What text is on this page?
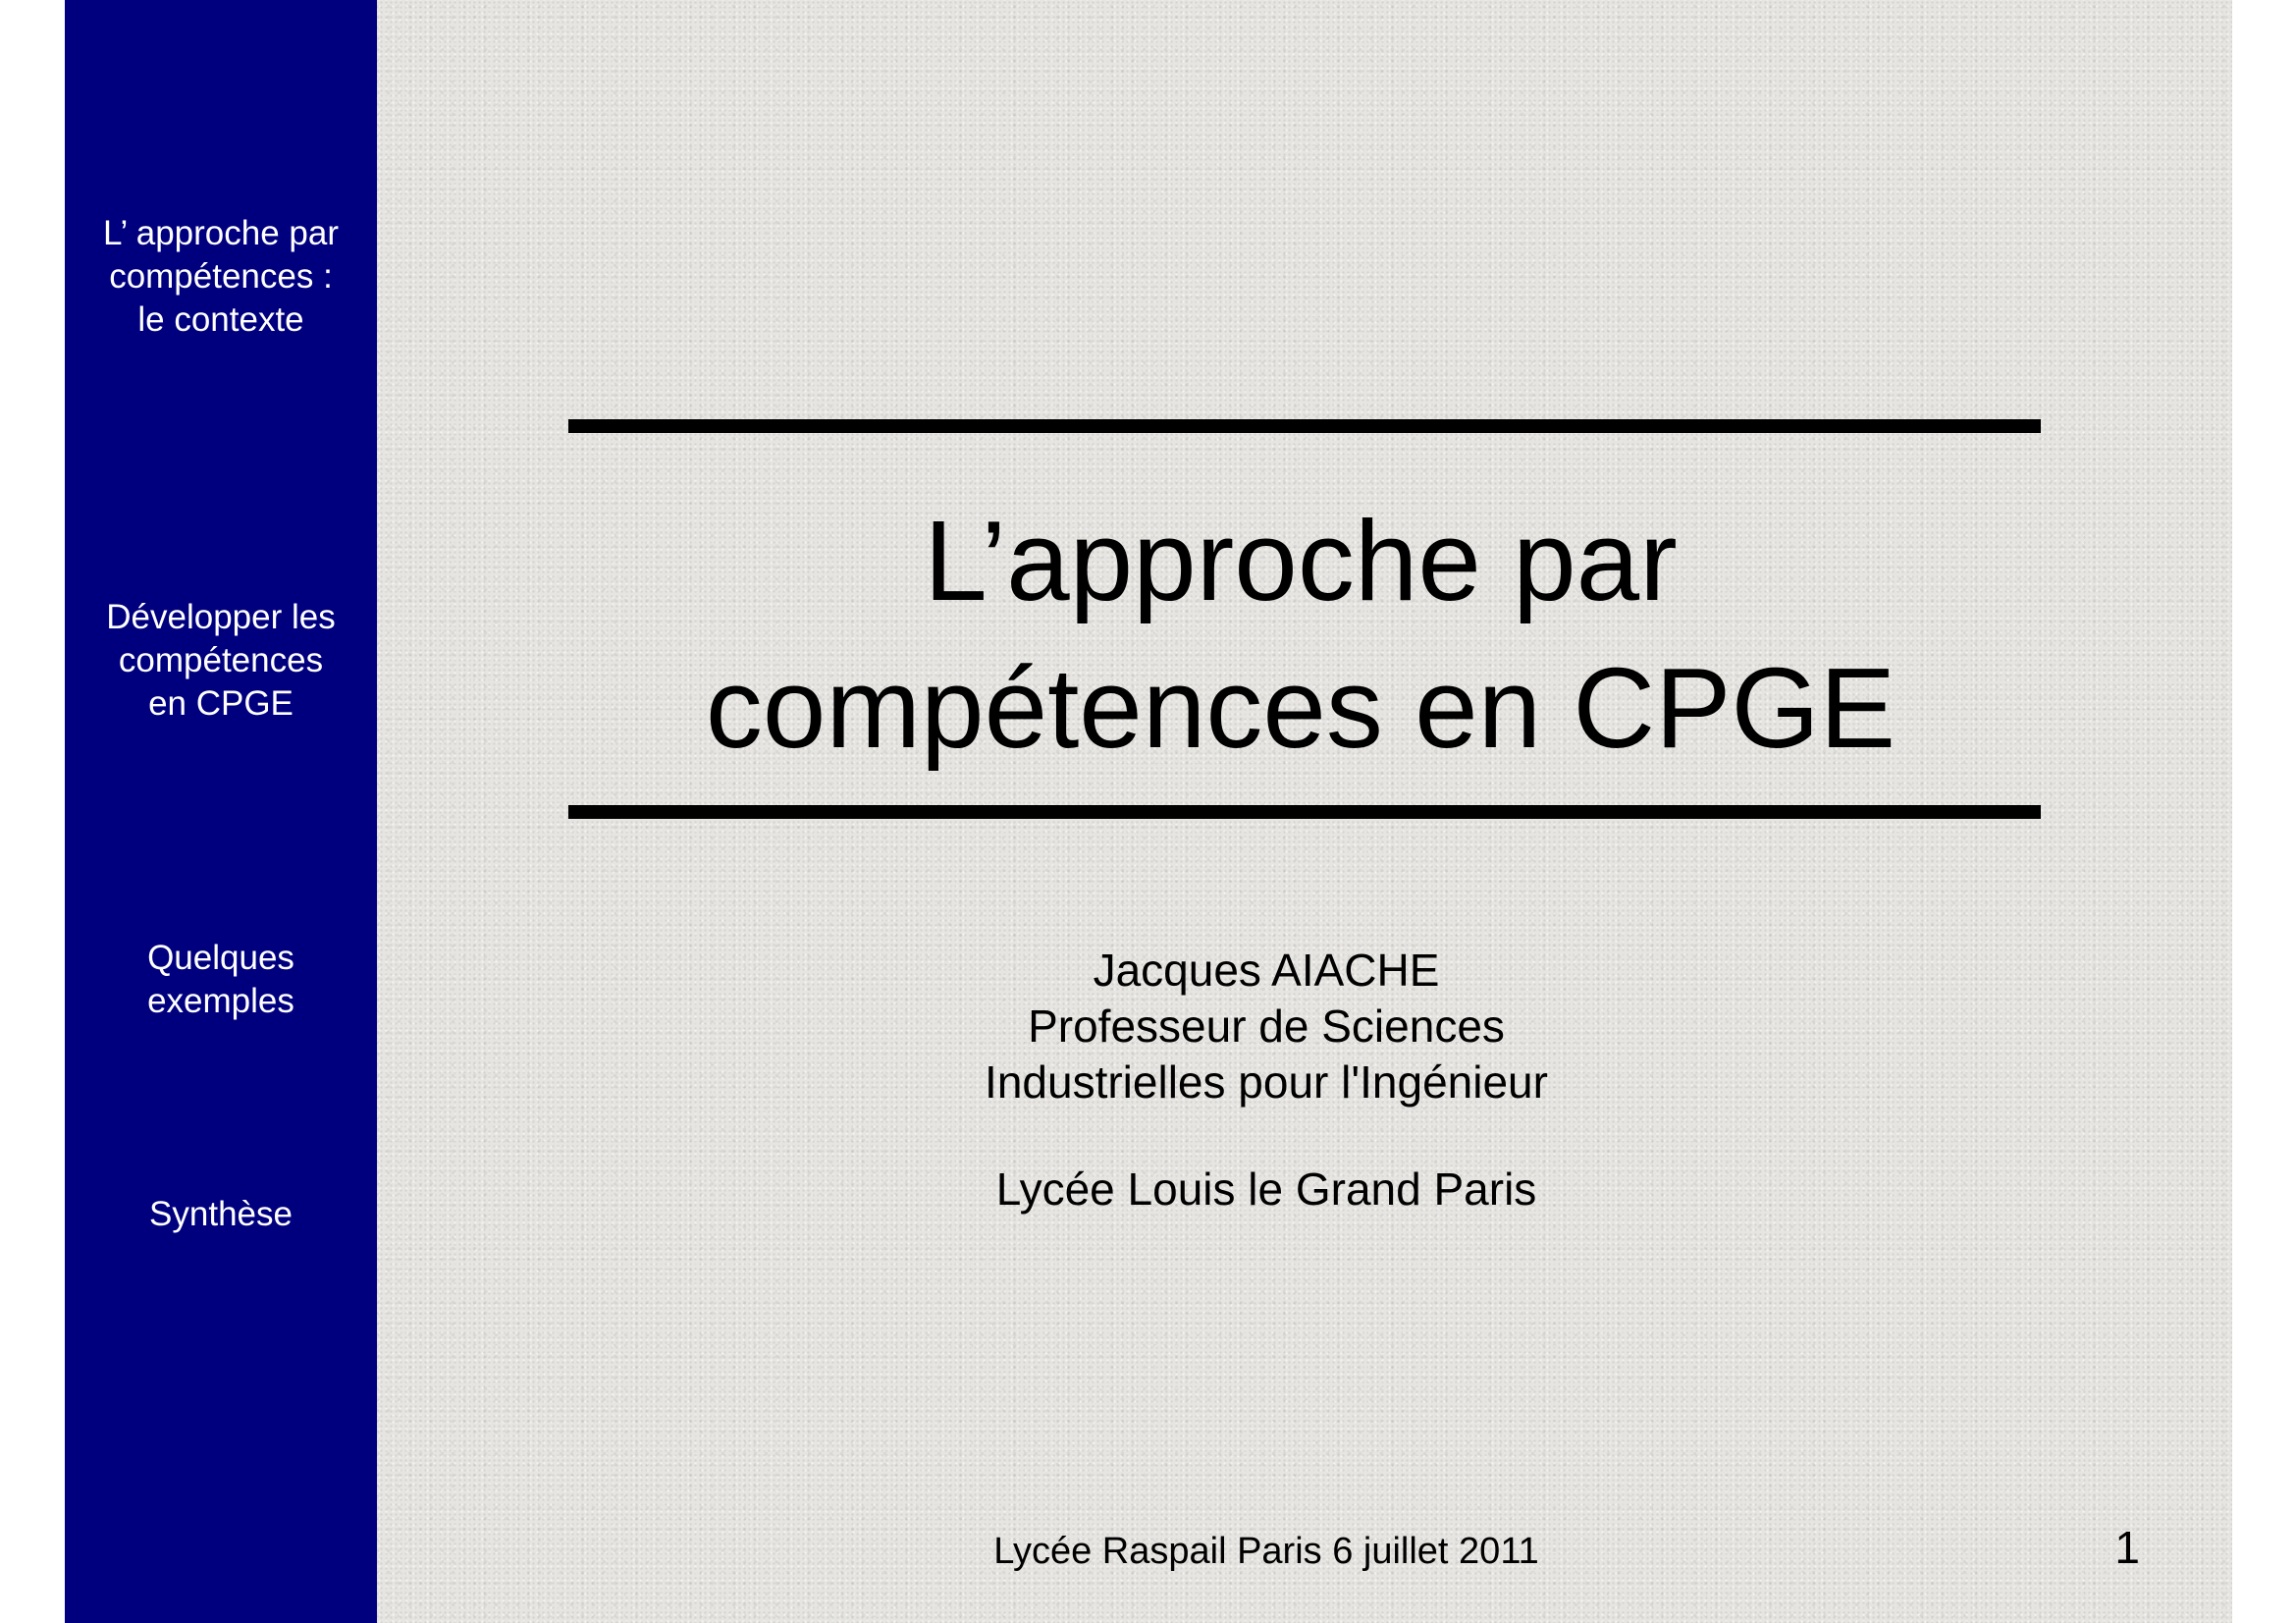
L’ approche par
compétences :
le contexte
Développer les
compétences
en CPGE
Quelques
exemples
Synthèse
L’approche par
compétences en CPGE
Jacques AIACHE
Professeur de Sciences
Industrielles pour l'Ingénieur
Lycée Louis le Grand Paris
Lycée Raspail Paris 6 juillet 2011	1
